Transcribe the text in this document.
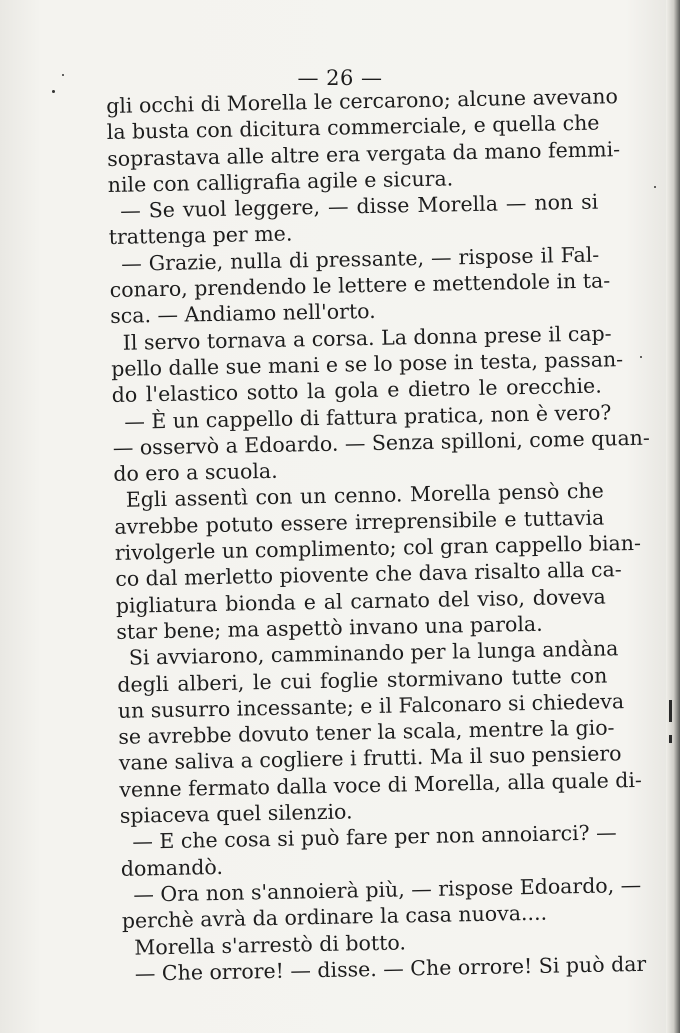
— 26 —
gli occhi di Morella le cercarono; alcune avevano
la busta con dicitura commerciale, e quella che
soprastava alle altre era vergata da mano femmi-
nile con calligrafia agile e sicura.
— Se vuol leggere, — disse Morella — non si
trattenga per me.
— Grazie, nulla di pressante, — rispose il Fal-
conaro, prendendo le lettere e mettendole in ta-
sca. — Andiamo nell'orto.
Il servo tornava a corsa. La donna prese il cap-
pello dalle sue mani e se lo pose in testa, passan-
do l'elastico sotto la gola e dietro le orecchie.
— È un cappello di fattura pratica, non è vero?
— osservò a Edoardo. — Senza spilloni, come quan-
do ero a scuola.
Egli assentì con un cenno. Morella pensò che
avrebbe potuto essere irreprensibile e tuttavia
rivolgerle un complimento; col gran cappello bian-
co dal merletto piovente che dava risalto alla ca-
pigliatura bionda e al carnato del viso, doveva
star bene; ma aspettò invano una parola.
Si avviarono, camminando per la lunga andàna
degli alberi, le cui foglie stormivano tutte con
un susurro incessante; e il Falconaro si chiedeva
se avrebbe dovuto tener la scala, mentre la gio-
vane saliva a cogliere i frutti. Ma il suo pensiero
venne fermato dalla voce di Morella, alla quale di-
spiaceva quel silenzio.
— E che cosa si può fare per non annoiarci? —
domandò.
— Ora non s'annoierà più, — rispose Edoardo, —
perchè avrà da ordinare la casa nuova....
Morella s'arrestò di botto.
— Che orrore! — disse. — Che orrore! Si può dar
